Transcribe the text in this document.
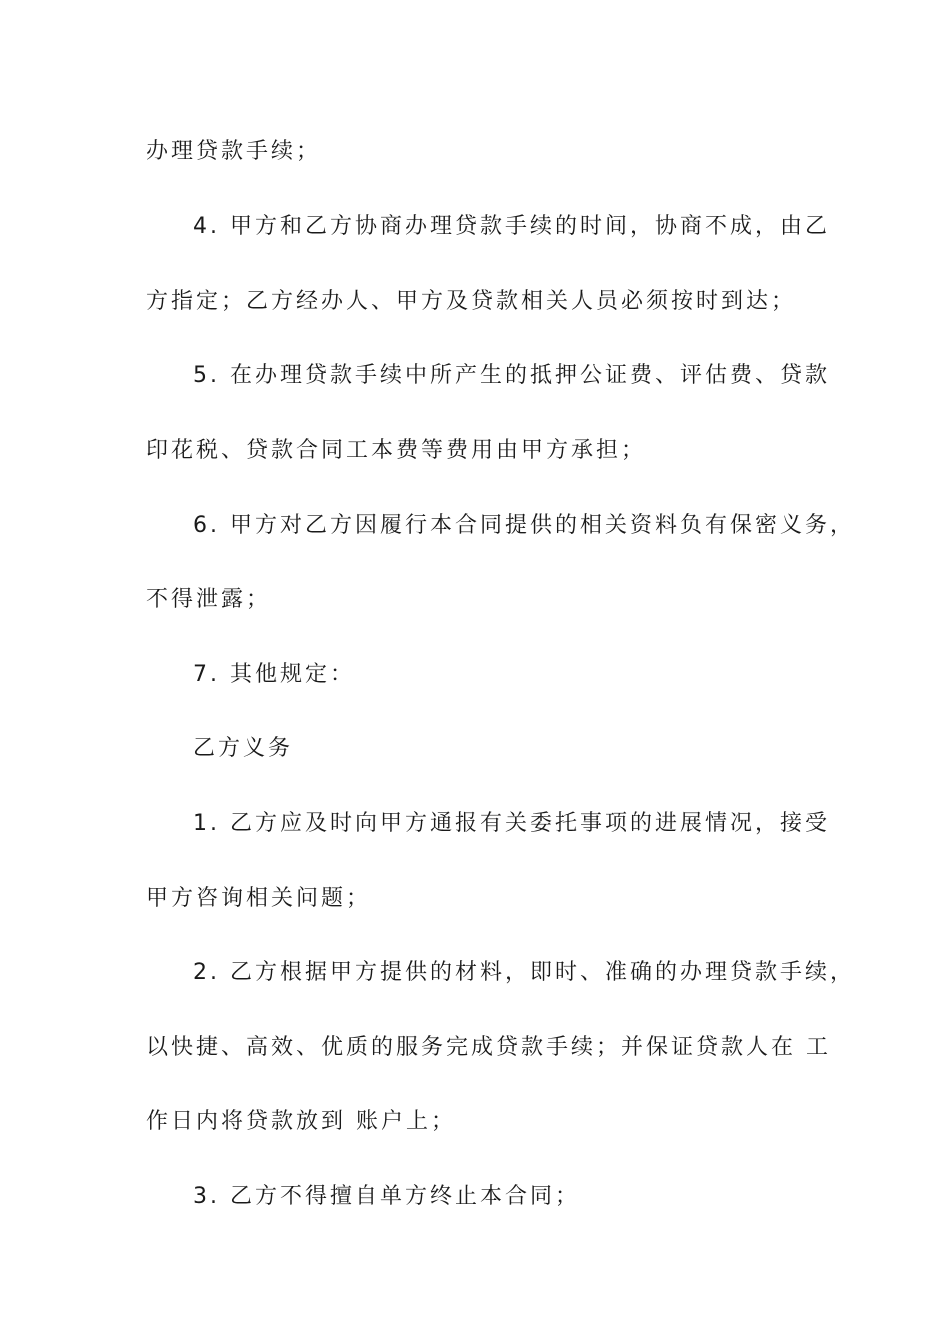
办理贷款手续；
4. 甲方和乙方协商办理贷款手续的时间，协商不成，由乙
方指定；乙方经办人、甲方及贷款相关人员必须按时到达；
5. 在办理贷款手续中所产生的抵押公证费、评估费、贷款
印花税、贷款合同工本费等费用由甲方承担；
6. 甲方对乙方因履行本合同提供的相关资料负有保密义务，
不得泄露；
7. 其他规定：
乙方义务
1. 乙方应及时向甲方通报有关委托事项的进展情况，接受
甲方咨询相关问题；
2. 乙方根据甲方提供的材料，即时、准确的办理贷款手续，
以快捷、高效、优质的服务完成贷款手续；并保证贷款人在 工
作日内将贷款放到 账户上；
3. 乙方不得擅自单方终止本合同；
